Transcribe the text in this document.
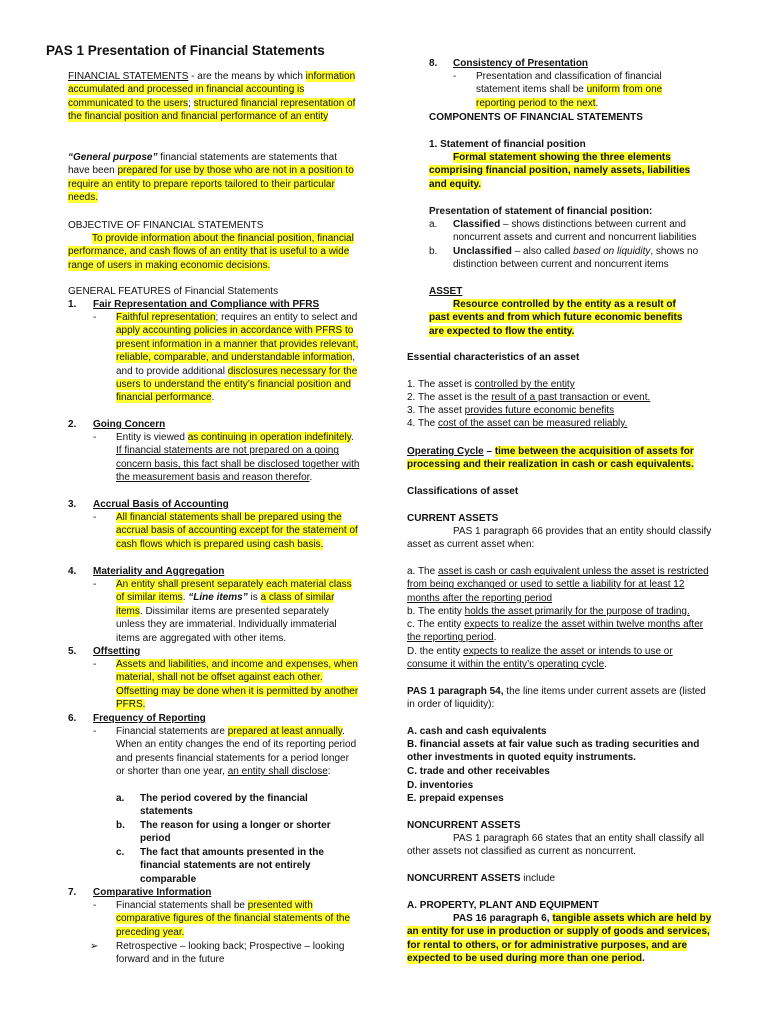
PAS 1 Presentation of Financial Statements

FINANCIAL STATEMENTS - are the means by which information accumulated and processed in financial accounting is communicated to the users; structured financial representation of the financial position and financial performance of an entity

“General purpose” financial statements are statements that have been prepared for use by those who are not in a position to require an entity to prepare reports tailored to their particular needs.

OBJECTIVE OF FINANCIAL STATEMENTS

To provide information about the financial position, financial performance, and cash flows of an entity that is useful to a wide range of users in making economic decisions.

GENERAL FEATURES of Financial Statements

1. Fair Representation and Compliance with PFRS
- Faithful representation; requires an entity to select and apply accounting policies in accordance with PFRS to present information in a manner that provides relevant, reliable, comparable, and understandable information, and to provide additional disclosures necessary for the users to understand the entity’s financial position and financial performance.

2. Going Concern
- Entity is viewed as continuing in operation indefinitely. If financial statements are not prepared on a going concern basis, this fact shall be disclosed together with the measurement basis and reason therefor.

3. Accrual Basis of Accounting
- All financial statements shall be prepared using the accrual basis of accounting except for the statement of cash flows which is prepared using cash basis.

4. Materiality and Aggregation
- An entity shall present separately each material class of similar items. “Line items” is a class of similar items. Dissimilar items are presented separately unless they are immaterial. Individually immaterial items are aggregated with other items.

5. Offsetting
- Assets and liabilities, and income and expenses, when material, shall not be offset against each other. Offsetting may be done when it is permitted by another PFRS.

6. Frequency of Reporting
- Financial statements are prepared at least annually. When an entity changes the end of its reporting period and presents financial statements for a period longer or shorter than one year, an entity shall disclose:

a. The period covered by the financial statements

b. The reason for using a longer or shorter period

c. The fact that amounts presented in the financial statements are not entirely comparable

7. Comparative Information
- Financial statements shall be presented with comparative figures of the financial statements of the preceding year.

➢ Retrospective – looking back; Prospective – looking forward and in the future

8. Consistency of Presentation
- Presentation and classification of financial statement items shall be uniform from one reporting period to the next.

COMPONENTS OF FINANCIAL STATEMENTS

1. Statement of financial position

Formal statement showing the three elements comprising financial position, namely assets, liabilities and equity.

Presentation of statement of financial position:

a. Classified – shows distinctions between current and noncurrent assets and current and noncurrent liabilities

b. Unclassified – also called based on liquidity, shows no distinction between current and noncurrent items

ASSET

Resource controlled by the entity as a result of past events and from which future economic benefits are expected to flow the entity.

Essential characteristics of an asset

1. The asset is controlled by the entity

2. The asset is the result of a past transaction or event.

3. The asset provides future economic benefits

4. The cost of the asset can be measured reliably.

Operating Cycle – time between the acquisition of assets for processing and their realization in cash or cash equivalents.

Classifications of asset

CURRENT ASSETS

PAS 1 paragraph 66 provides that an entity should classify asset as current asset when:

a. The asset is cash or cash equivalent unless the asset is restricted from being exchanged or used to settle a liability for at least 12 months after the reporting period

b. The entity holds the asset primarily for the purpose of trading.

c. The entity expects to realize the asset within twelve months after the reporting period.

D. the entity expects to realize the asset or intends to use or consume it within the entity’s operating cycle.

PAS 1 paragraph 54, the line items under current assets are (listed in order of liquidity):

A. cash and cash equivalents

B. financial assets at fair value such as trading securities and other investments in quoted equity instruments.

C. trade and other receivables

D. inventories

E. prepaid expenses

NONCURRENT ASSETS

PAS 1 paragraph 66 states that an entity shall classify all other assets not classified as current as noncurrent.

NONCURRENT ASSETS include

A. PROPERTY, PLANT AND EQUIPMENT

PAS 16 paragraph 6, tangible assets which are held by an entity for use in production or supply of goods and services, for rental to others, or for administrative purposes, and are expected to be used during more than one period.
